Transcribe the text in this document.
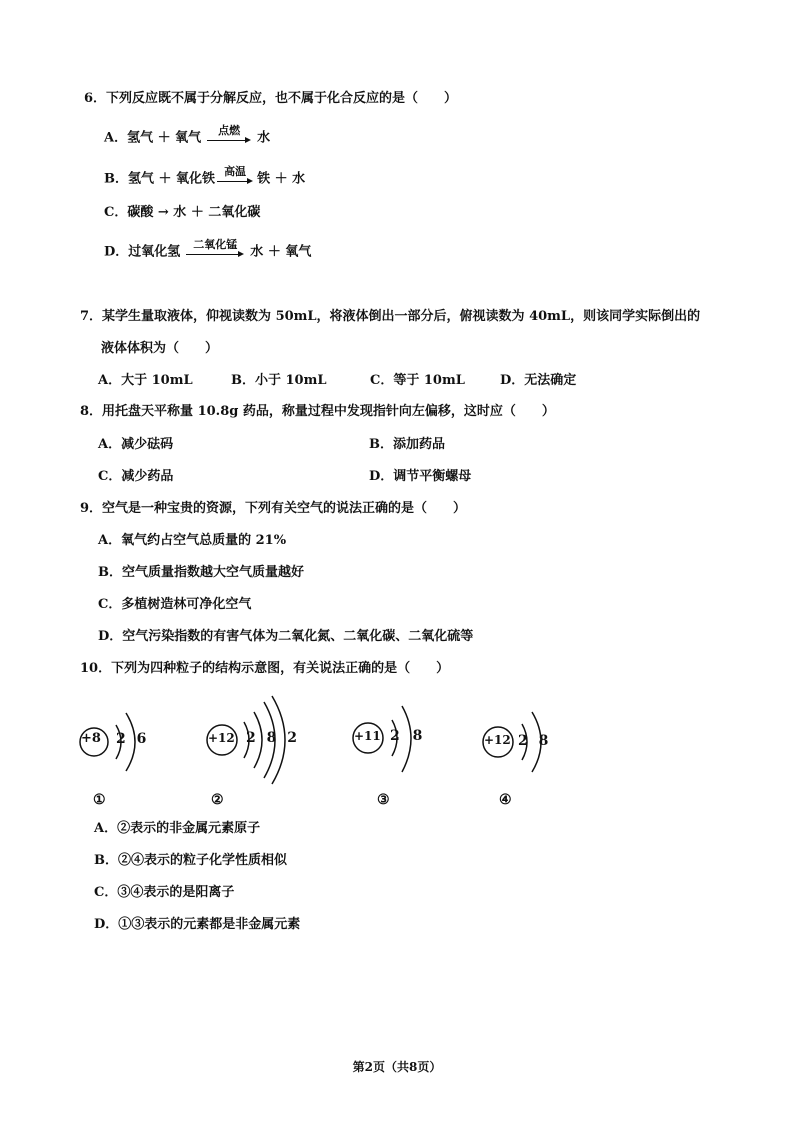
6．下列反应既不属于分解反应，也不属于化合反应的是（　　）
A．氢气 ＋ 氧气	点燃	水
B．氢气 ＋ 氧化铁 高温 铁 ＋ 水
C．碳酸 → 水 ＋ 二氧化碳
D．过氧化氢	二氧化锰	水 ＋ 氧气
7．某学生量取液体，仰视读数为 50mL，将液体倒出一部分后，俯视读数为 40mL，则该同学实际倒出的
液体体积为（　　）
A．大于 10mL	B．小于 10mL	C．等于 10mL	D．无法确定
8．用托盘天平称量 10.8g 药品，称量过程中发现指针向左偏移，这时应（　　）
A．减少砝码	B．添加药品
C．减少药品	D．调节平衡螺母
9．空气是一种宝贵的资源，下列有关空气的说法正确的是（　　）
A．氧气约占空气总质量的 21%
B．空气质量指数越大空气质量越好
C．多植树造林可净化空气
D．空气污染指数的有害气体为二氧化氮、二氧化碳、二氧化硫等
10．下列为四种粒子的结构示意图，有关说法正确的是（　　）
+8 2 6
①
+12 2 8 2
②
+11 2 8
③
+12 2 8
④
A．②表示的非金属元素原子
B．②④表示的粒子化学性质相似
C．③④表示的是阳离子
D．①③表示的元素都是非金属元素
第2页（共8页）
